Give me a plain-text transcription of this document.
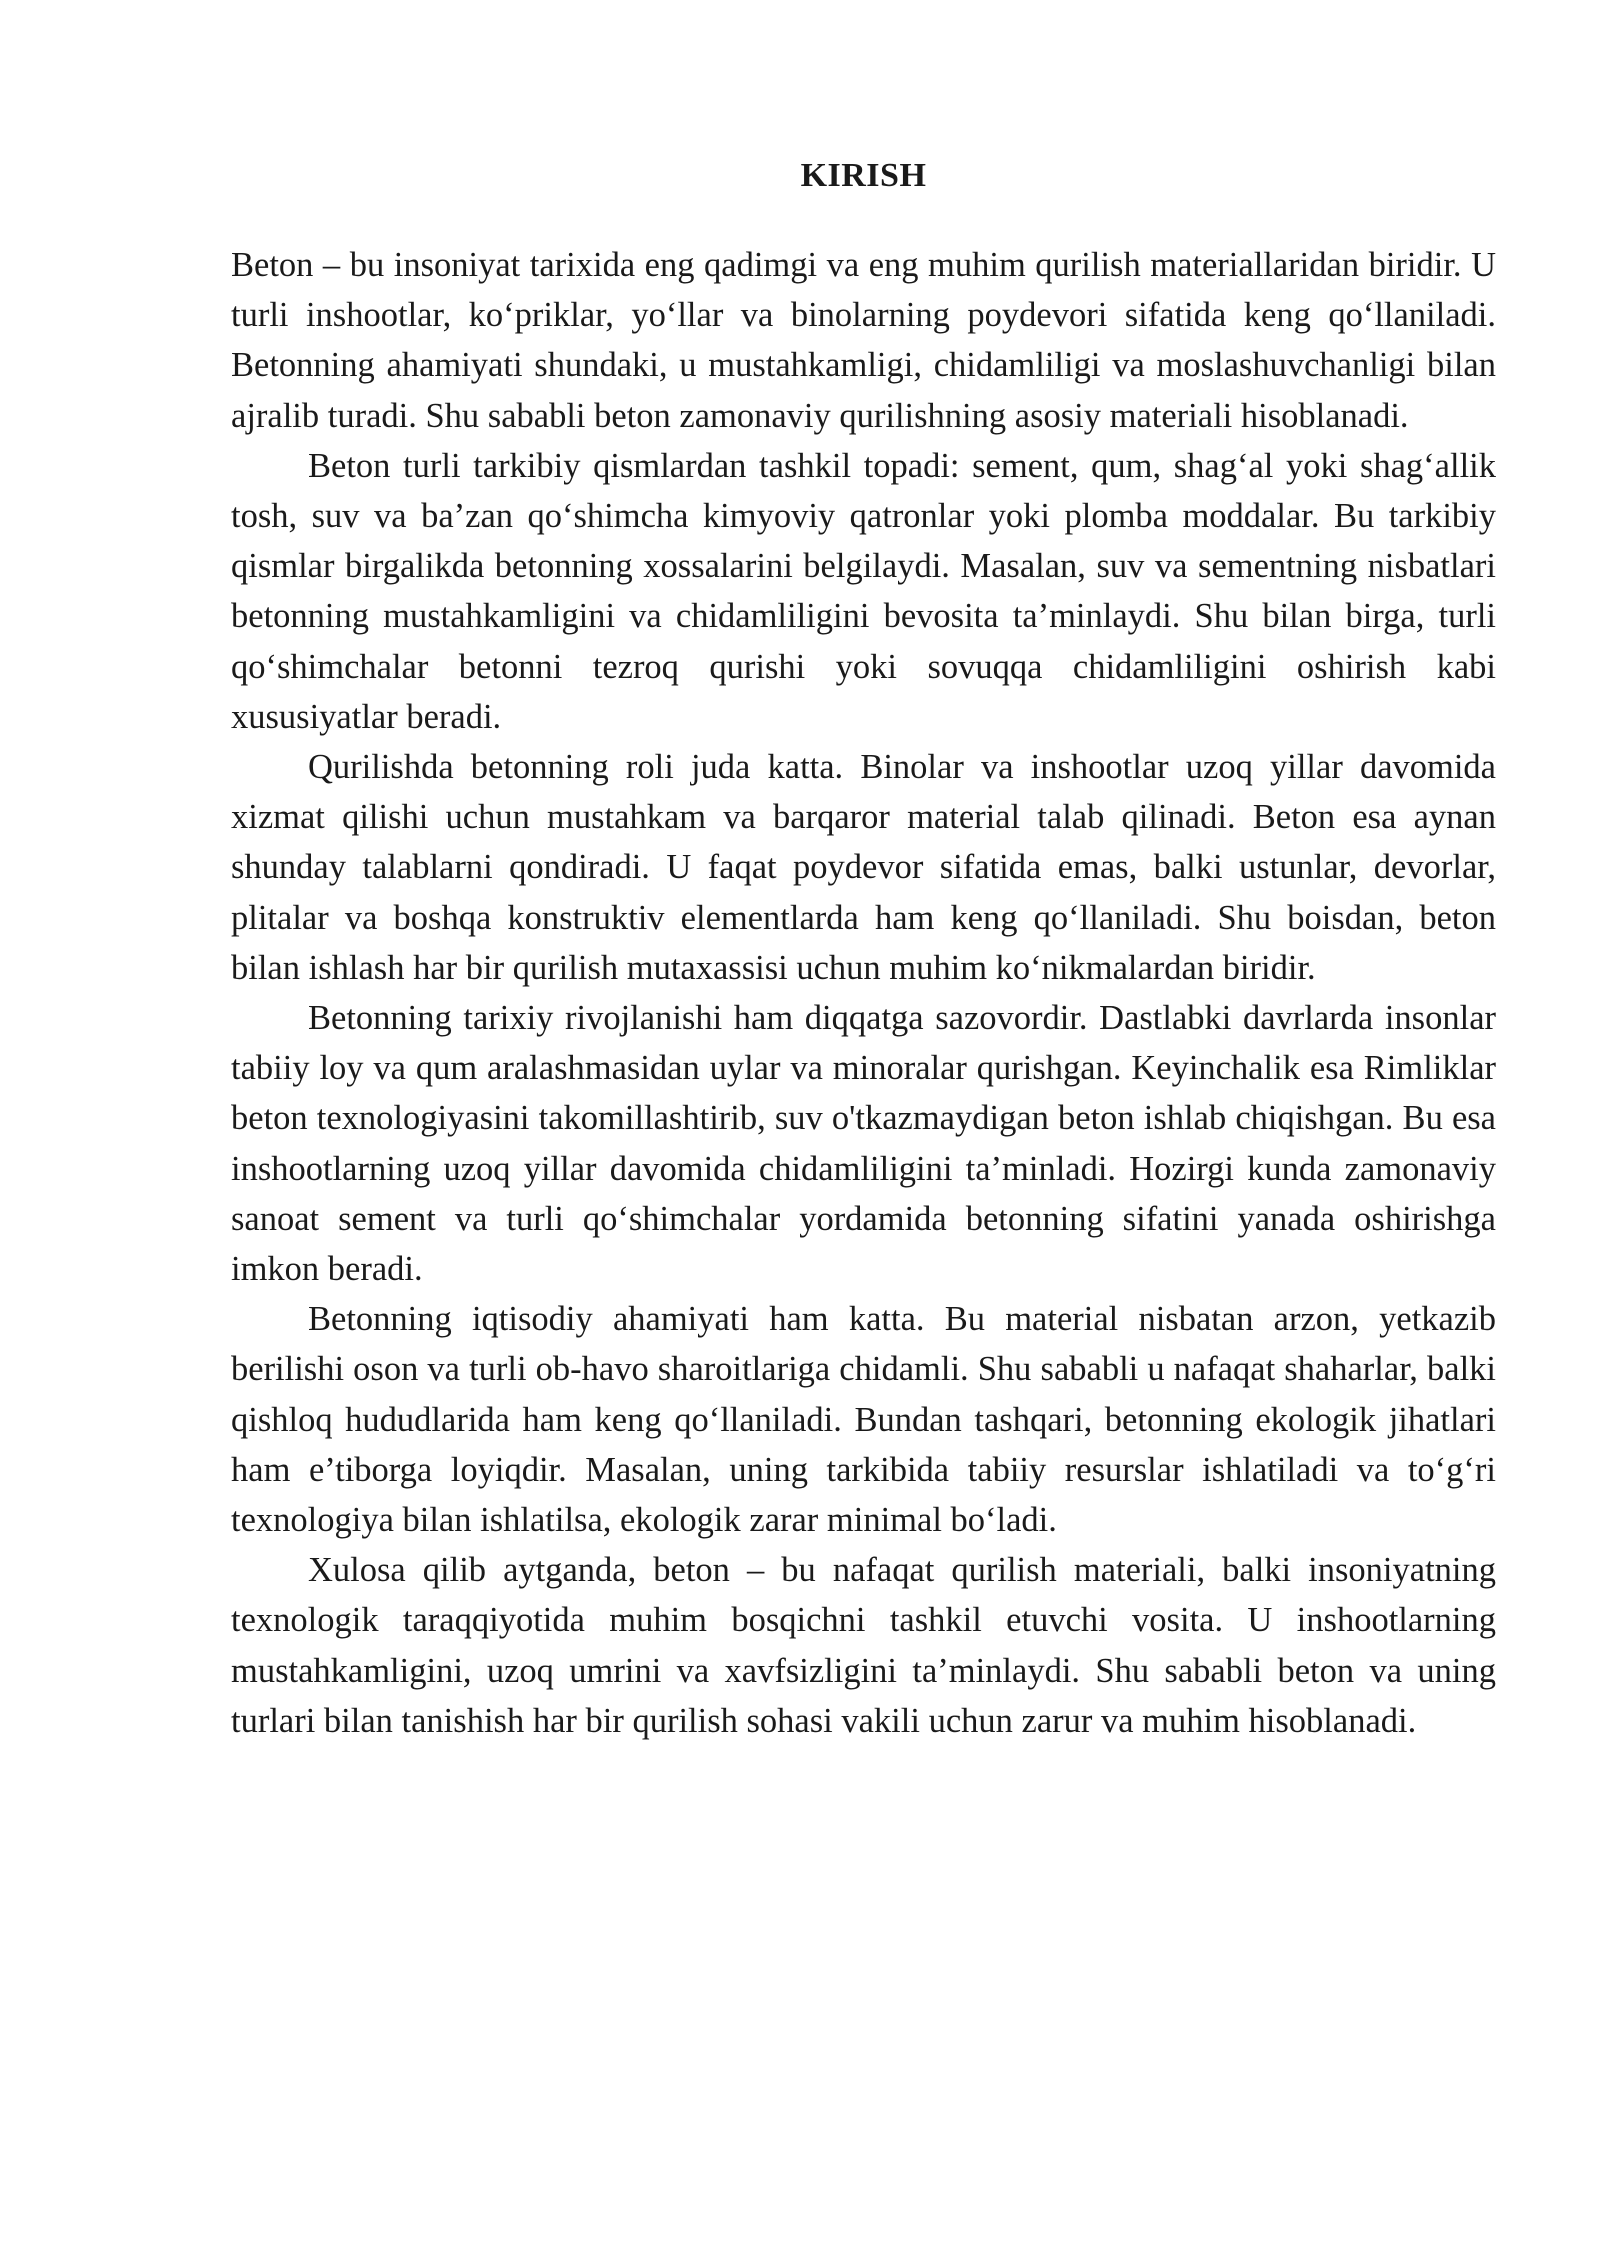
KIRISH

Beton – bu insoniyat tarixida eng qadimgi va eng muhim qurilish materiallaridan biridir. U turli inshootlar, ko‘priklar, yo‘llar va binolarning poydevori sifatida keng qo‘llaniladi. Betonning ahamiyati shundaki, u mustahkamligi, chidamliligi va moslashuvchanligi bilan ajralib turadi. Shu sababli beton zamonaviy qurilishning asosiy materiali hisoblanadi.

Beton turli tarkibiy qismlardan tashkil topadi: sement, qum, shag‘al yoki shag‘allik tosh, suv va ba’zan qo‘shimcha kimyoviy qatronlar yoki plomba moddalar. Bu tarkibiy qismlar birgalikda betonning xossalarini belgilaydi. Masalan, suv va sementning nisbatlari betonning mustahkamligini va chidamliligini bevosita ta’minlaydi. Shu bilan birga, turli qo‘shimchalar betonni tezroq qurishi yoki sovuqqa chidamliligini oshirish kabi xususiyatlar beradi.

Qurilishda betonning roli juda katta. Binolar va inshootlar uzoq yillar davomida xizmat qilishi uchun mustahkam va barqaror material talab qilinadi. Beton esa aynan shunday talablarni qondiradi. U faqat poydevor sifatida emas, balki ustunlar, devorlar, plitalar va boshqa konstruktiv elementlarda ham keng qo‘llaniladi. Shu boisdan, beton bilan ishlash har bir qurilish mutaxassisi uchun muhim ko‘nikmalardan biridir.

Betonning tarixiy rivojlanishi ham diqqatga sazovordir. Dastlabki davrlarda insonlar tabiiy loy va qum aralashmasidan uylar va minoralar qurishgan. Keyinchalik esa Rimliklar beton texnologiyasini takomillashtirib, suv o'tkazmaydigan beton ishlab chiqishgan. Bu esa inshootlarning uzoq yillar davomida chidamliligini ta’minladi. Hozirgi kunda zamonaviy sanoat sement va turli qo‘shimchalar yordamida betonning sifatini yanada oshirishga imkon beradi.

Betonning iqtisodiy ahamiyati ham katta. Bu material nisbatan arzon, yetkazib berilishi oson va turli ob-havo sharoitlariga chidamli. Shu sababli u nafaqat shaharlar, balki qishloq hududlarida ham keng qo‘llaniladi. Bundan tashqari, betonning ekologik jihatlari ham e’tiborga loyiqdir. Masalan, uning tarkibida tabiiy resurslar ishlatiladi va to‘g‘ri texnologiya bilan ishlatilsa, ekologik zarar minimal bo‘ladi.

Xulosa qilib aytganda, beton – bu nafaqat qurilish materiali, balki insoniyatning texnologik taraqqiyotida muhim bosqichni tashkil etuvchi vosita. U inshootlarning mustahkamligini, uzoq umrini va xavfsizligini ta’minlaydi. Shu sababli beton va uning turlari bilan tanishish har bir qurilish sohasi vakili uchun zarur va muhim hisoblanadi.
